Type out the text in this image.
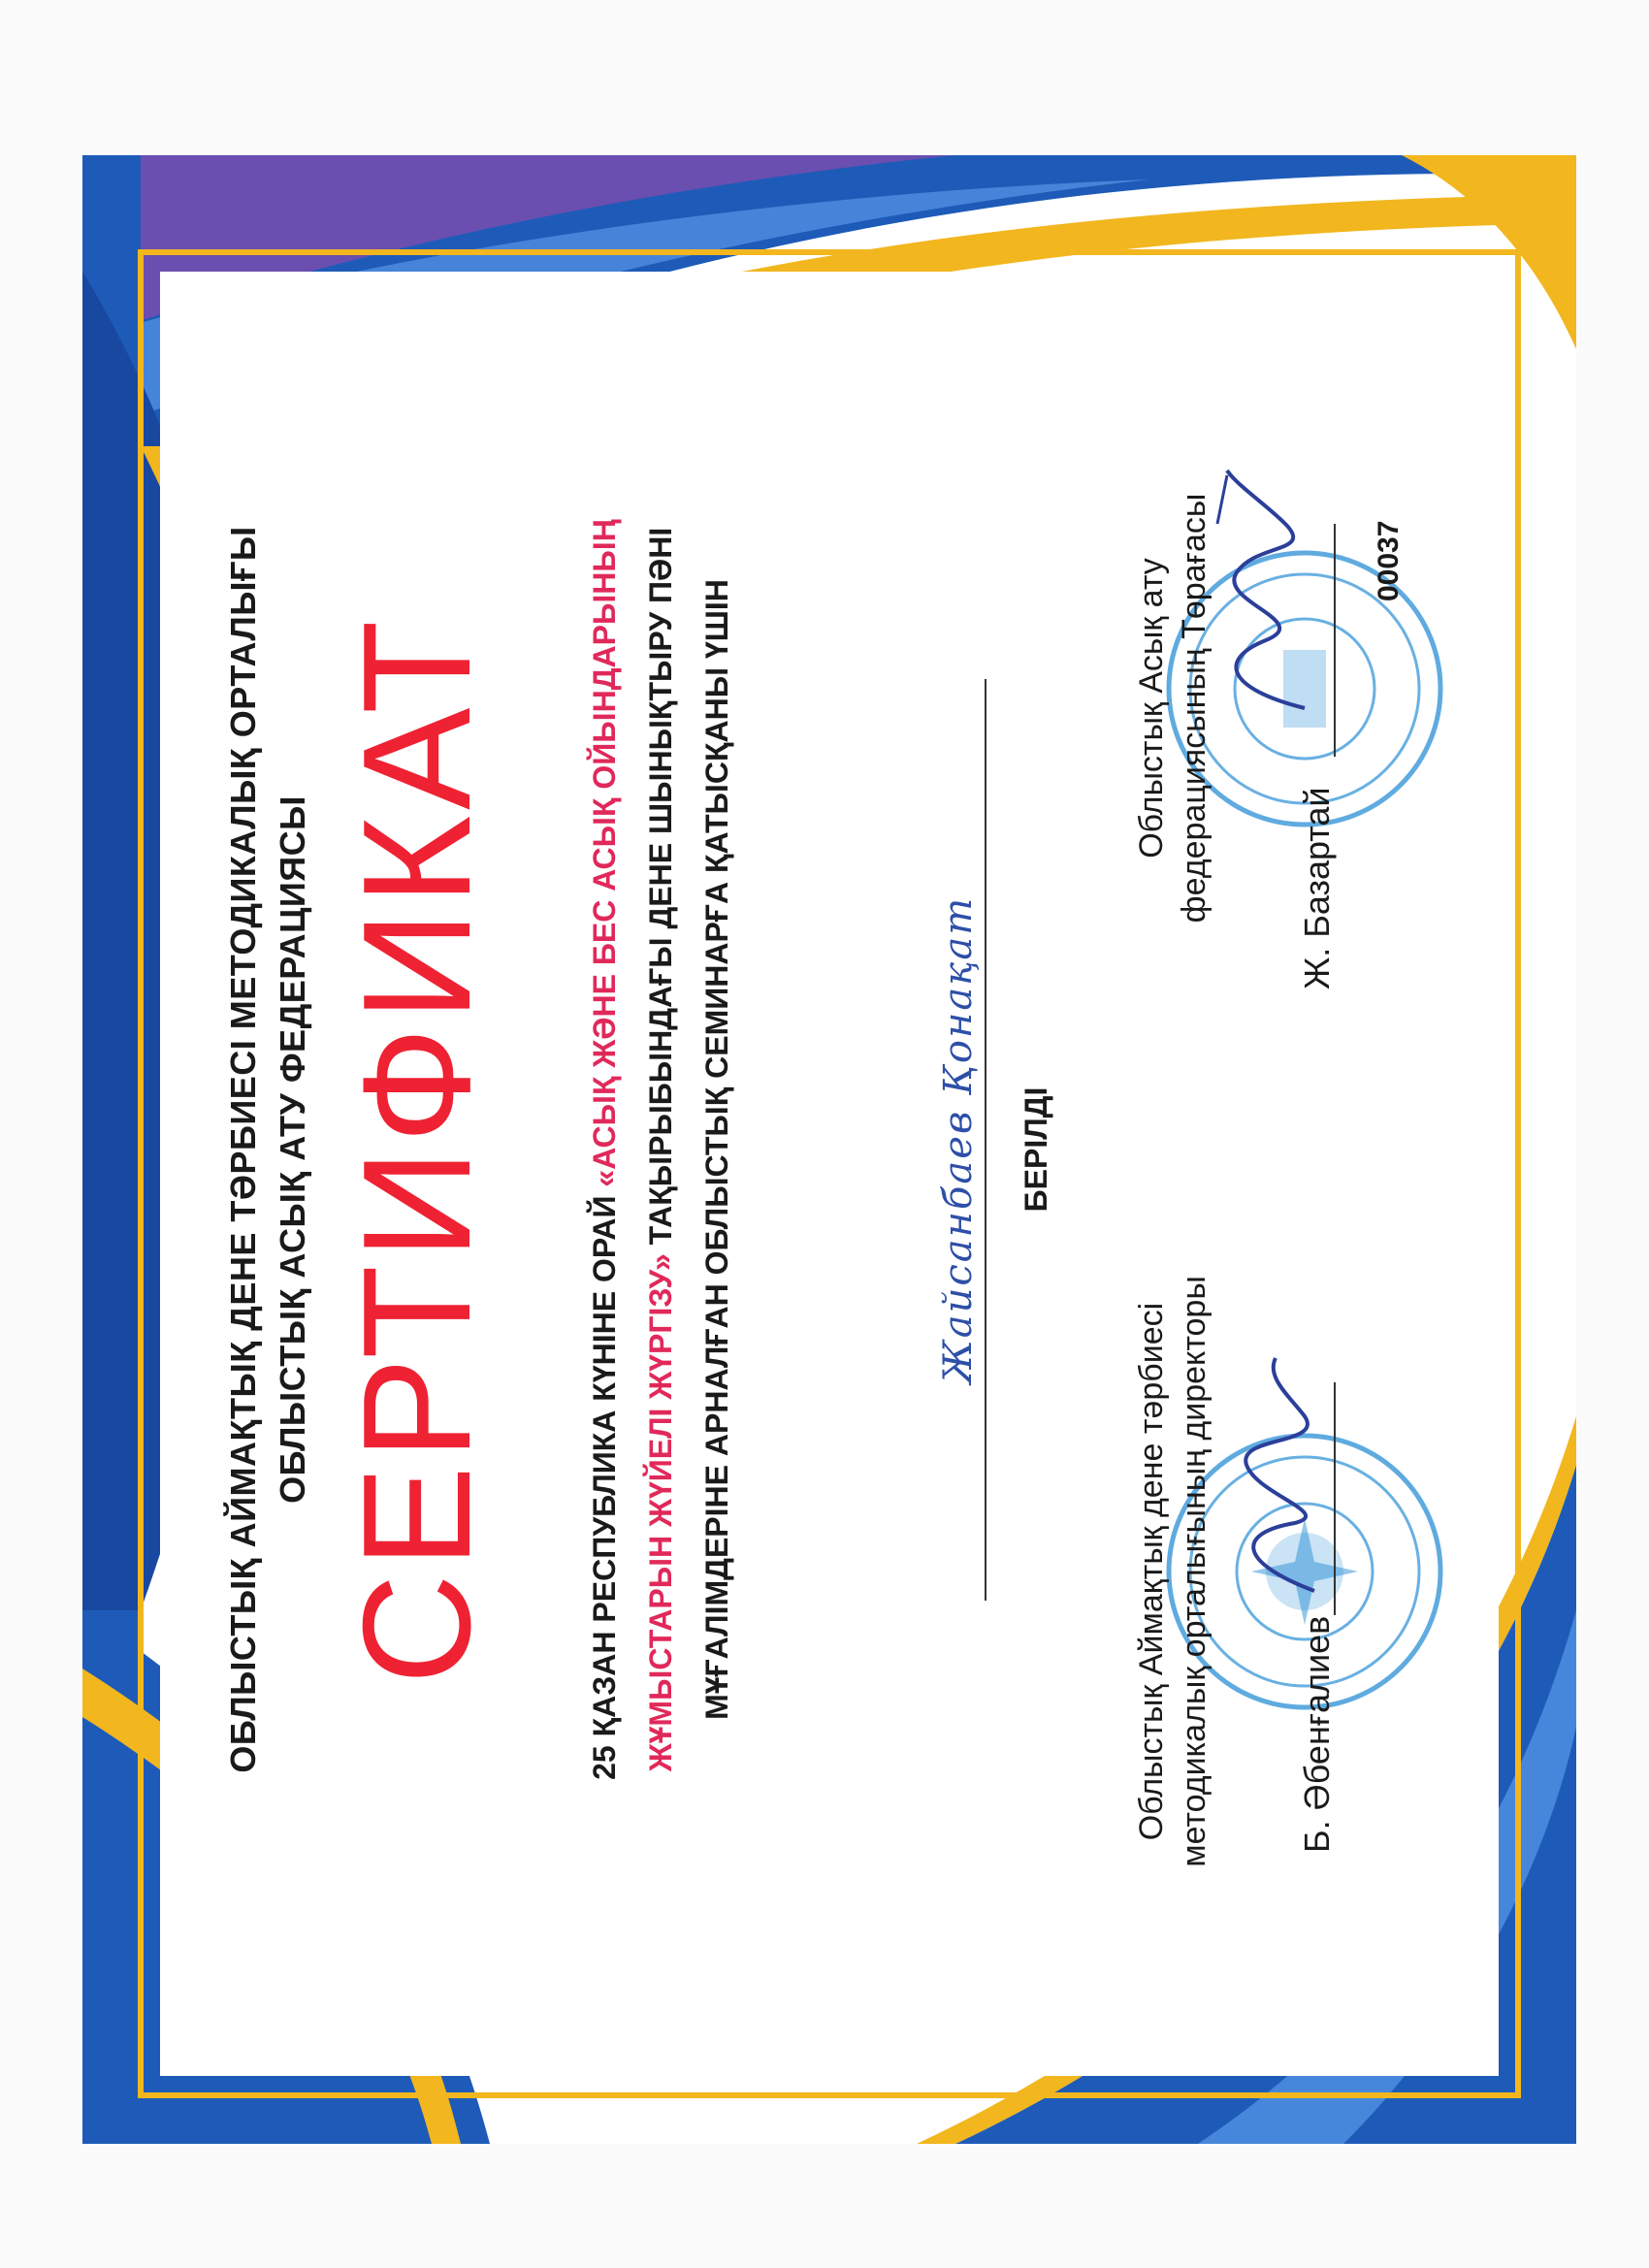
ОБЛЫСТЫҚ АЙМАҚТЫҚ ДЕНЕ ТӘРБИЕСІ МЕТОДИКАЛЫҚ ОРТАЛЫҒЫ ОБЛЫСТЫҚ АСЫҚ АТУ ФЕДЕРАЦИЯСЫ СЕРТИФИКАТ	25 ҚАЗАН РЕСПУБЛИКА КҮНІНЕ ОРАЙ «АСЫҚ ЖӘНЕ БЕС АСЫҚ ОЙЫНДАРЫНЫҢ
ЖҰМЫСТАРЫН ЖҮЙЕЛІ ЖҮРГІЗУ» ТАҚЫРЫБЫНДАҒЫ ДЕНЕ ШЫНЫҚТЫРУ ПӘНІ МҰҒАЛІМДЕРІНЕ АРНАЛҒАН ОБЛЫСТЫҚ СЕМИНАРҒА ҚАТЫСҚАНЫ ҮШІН	Жайсанбаев Қонақат БЕРІЛДІ
Облыстық Аймақтық дене тәрбиесі методикалық орталығының директоры
Облыстық Асық ату федерациясының Төрағасы
Б. Әбенғалиев
Ж. Базартай
00037
